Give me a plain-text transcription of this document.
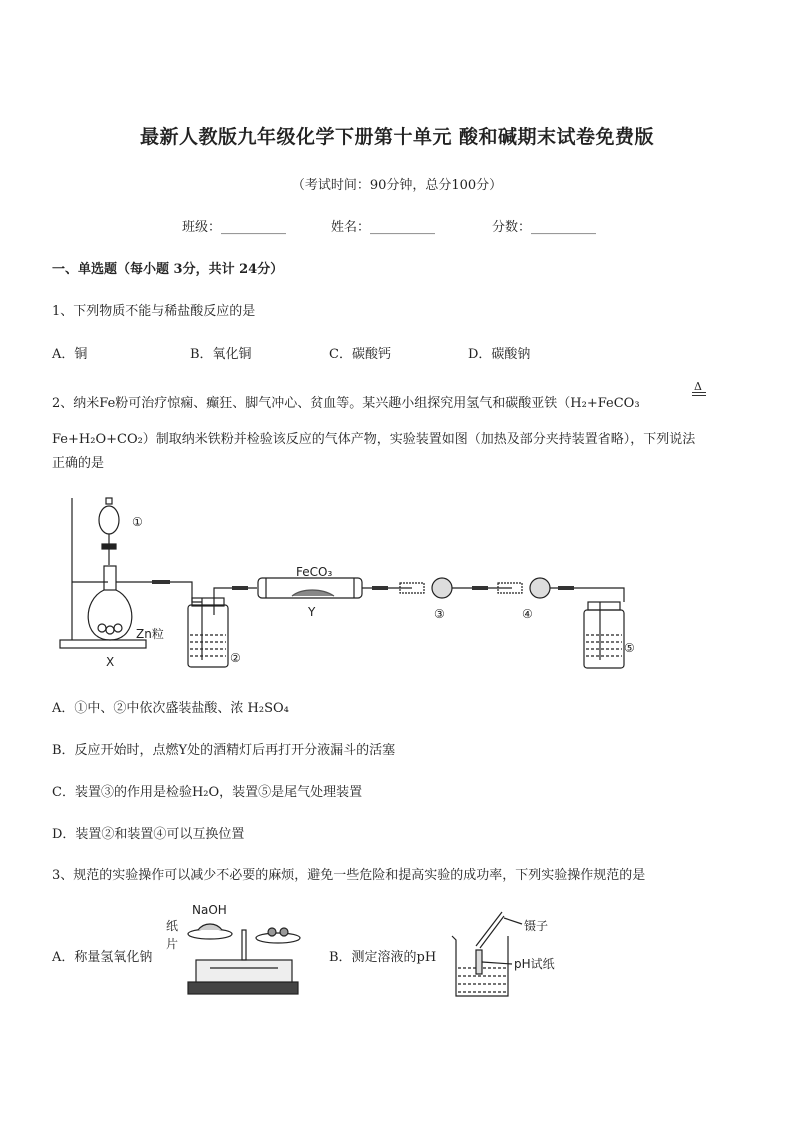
最新人教版九年级化学下册第十单元 酸和碱期末试卷免费版
（考试时间：90分钟，总分100分）
班级：__________	姓名：__________	分数：__________
一、单选题（每小题 3分，共计 24分）
1、下列物质不能与稀盐酸反应的是
A．铜	B．氧化铜	C．碳酸钙	D．碳酸钠
2、纳米Fe粉可治疗惊痫、癫狂、脚气冲心、贫血等。某兴趣小组探究用氢气和碳酸亚铁（H₂+FeCO₃
Δ
Fe+H₂O+CO₂）制取纳米铁粉并检验该反应的气体产物，实验装置如图（加热及部分夹持装置省略），下列说法
正确的是
①
Zn粒
X	②
FeCO₃
Y	③	④
⑤
A．①中、②中依次盛装盐酸、浓 H₂SO₄
B．反应开始时，点燃Y处的酒精灯后再打开分液漏斗的活塞
C．装置③的作用是检验H₂O，装置⑤是尾气处理装置
D．装置②和装置④可以互换位置
3、规范的实验操作可以减少不必要的麻烦，避免一些危险和提高实验的成功率，下列实验操作规范的是
A．称量氢氧化钠
NaOH
纸
片
B．测定溶液的pH
镊子
pH试纸
